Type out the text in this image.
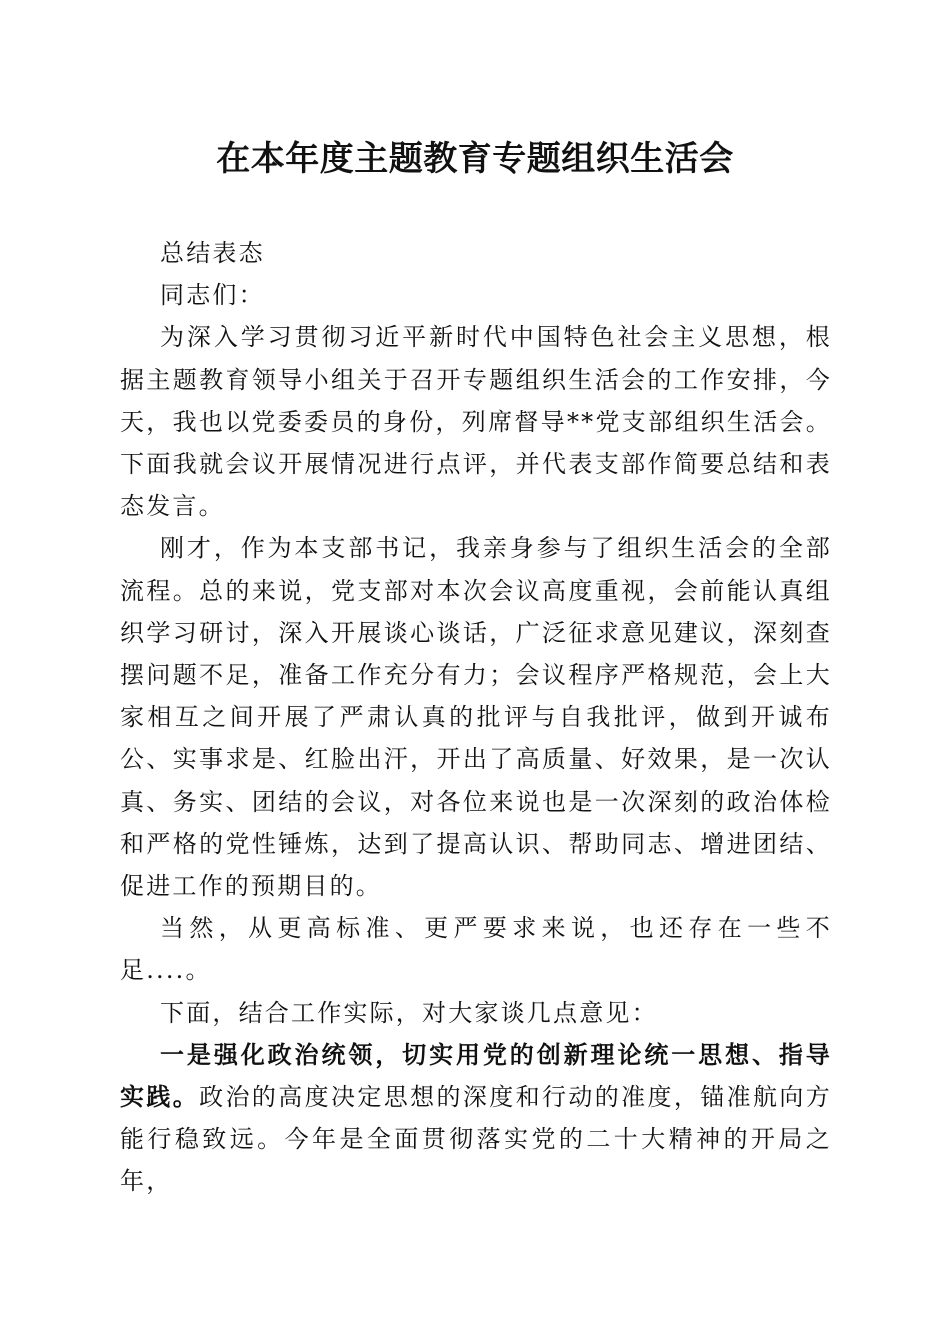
在本年度主题教育专题组织生活会

总结表态

同志们：

为深入学习贯彻习近平新时代中国特色社会主义思想，根据主题教育领导小组关于召开专题组织生活会的工作安排，今天，我也以党委委员的身份，列席督导**党支部组织生活会。下面我就会议开展情况进行点评，并代表支部作简要总结和表态发言。

刚才，作为本支部书记，我亲身参与了组织生活会的全部流程。总的来说，党支部对本次会议高度重视，会前能认真组织学习研讨，深入开展谈心谈话，广泛征求意见建议，深刻查摆问题不足，准备工作充分有力；会议程序严格规范，会上大家相互之间开展了严肃认真的批评与自我批评，做到开诚布公、实事求是、红脸出汗，开出了高质量、好效果，是一次认真、务实、团结的会议，对各位来说也是一次深刻的政治体检和严格的党性锤炼，达到了提高认识、帮助同志、增进团结、促进工作的预期目的。

当然，从更高标准、更严要求来说，也还存在一些不足....。

下面，结合工作实际，对大家谈几点意见：

一是强化政治统领，切实用党的创新理论统一思想、指导实践。政治的高度决定思想的深度和行动的准度，锚准航向方能行稳致远。今年是全面贯彻落实党的二十大精神的开局之年，
